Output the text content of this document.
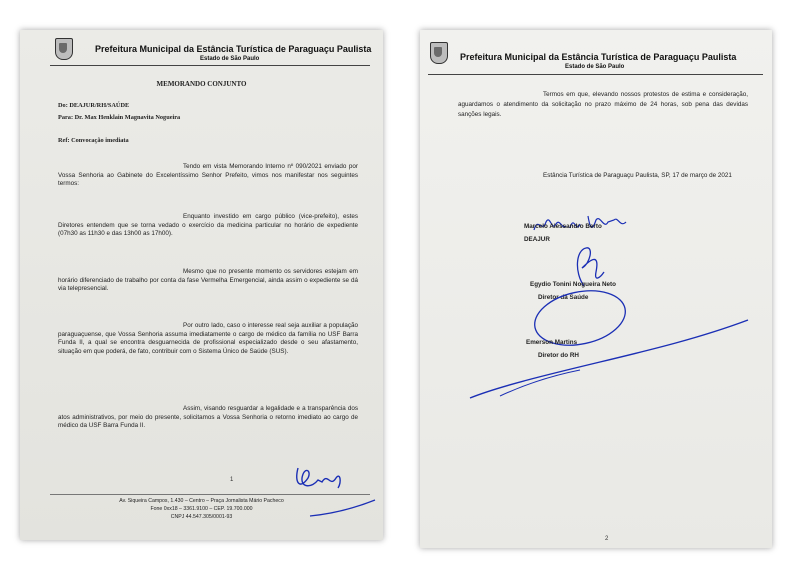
Prefeitura Municipal da Estância Turística de Paraguaçu Paulista
Estado de São Paulo
MEMORANDO CONJUNTO
Do: DEAJUR/RH/SAÚDE
Para: Dr. Max Henklain Magnavita Nogueira
Ref: Convocação imediata
Tendo em vista Memorando Interno nº 090/2021 enviado por Vossa Senhoria ao Gabinete do Excelentíssimo Senhor Prefeito, vimos nos manifestar nos seguintes termos:
Enquanto investido em cargo público (vice-prefeito), estes Diretores entendem que se torna vedado o exercício da medicina particular no horário de expediente (07h30 as 11h30 e das 13h00 as 17h00).
Mesmo que no presente momento os servidores estejam em horário diferenciado de trabalho por conta da fase Vermelha Emergencial, ainda assim o expediente se dá via telepresencial.
Por outro lado, caso o interesse real seja auxiliar a população paraguaçuense, que Vossa Senhoria assuma imediatamente o cargo de médico da família no USF Barra Funda II, a qual se encontra desguarnecida de profissional especializado desde o seu afastamento, situação em que poderá, de fato, contribuir com o Sistema Único de Saúde (SUS).
Assim, visando resguardar a legalidade e a transparência dos atos administrativos, por meio do presente, solicitamos a Vossa Senhoria o retorno imediato ao cargo de médico da USF Barra Funda II.
1
Av. Siqueira Campos, 1.430 – Centro – Praça Jornalista Mário Pacheco
Fone 0xx18 – 3361.9100 – CEP. 19.700.000
CNPJ 44.547.305/0001-93
Prefeitura Municipal da Estância Turística de Paraguaçu Paulista
Estado de São Paulo
Termos em que, elevando nossos protestos de estima e consideração, aguardamos o atendimento da solicitação no prazo máximo de 24 horas, sob pena das devidas sanções legais.
Estância Turística de Paraguaçu Paulista, SP, 17 de março de 2021
Marcelo Alessandro Berto
DEAJUR
Egydio Tonini Nogueira Neto
Diretor da Saúde
Emerson Martins
Diretor do RH
2
